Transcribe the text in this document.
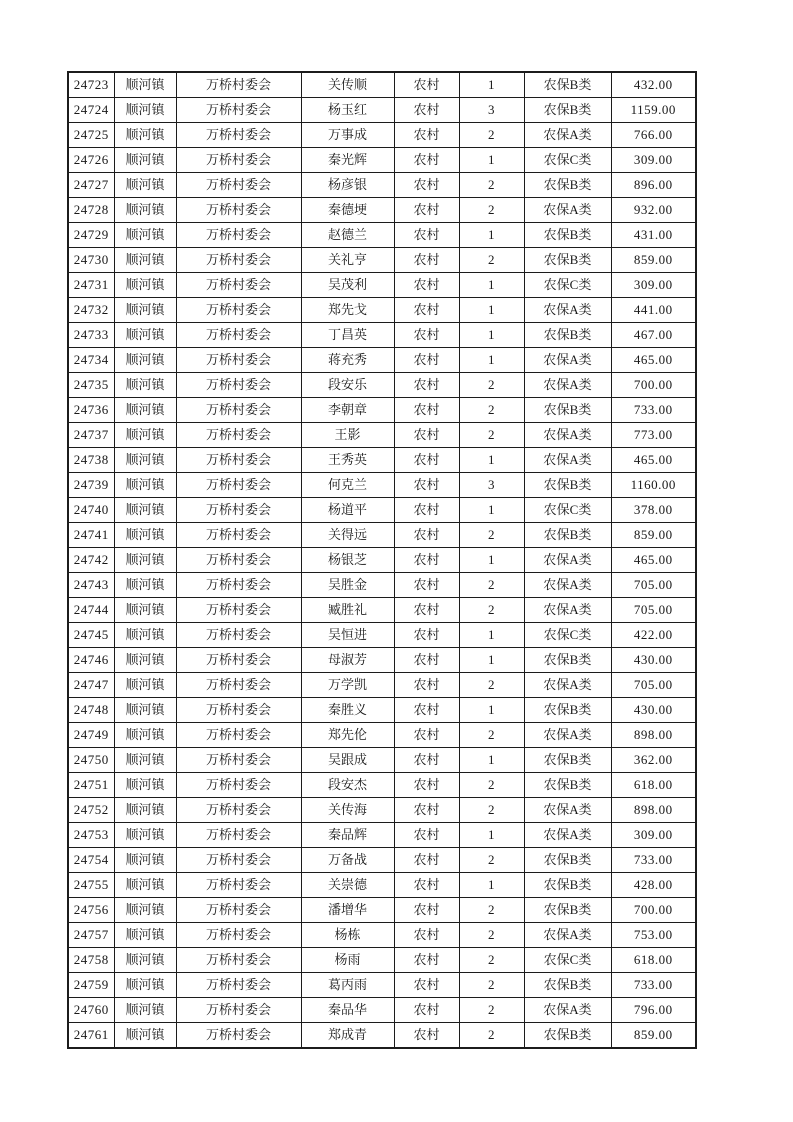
24723	顺河镇	万桥村委会	关传顺	农村	1	农保B类	432.00
24724	顺河镇	万桥村委会	杨玉红	农村	3	农保B类	1159.00
24725	顺河镇	万桥村委会	万事成	农村	2	农保A类	766.00
24726	顺河镇	万桥村委会	秦光辉	农村	1	农保C类	309.00
24727	顺河镇	万桥村委会	杨彦银	农村	2	农保B类	896.00
24728	顺河镇	万桥村委会	秦德埂	农村	2	农保A类	932.00
24729	顺河镇	万桥村委会	赵德兰	农村	1	农保B类	431.00
24730	顺河镇	万桥村委会	关礼亨	农村	2	农保B类	859.00
24731	顺河镇	万桥村委会	吴茂利	农村	1	农保C类	309.00
24732	顺河镇	万桥村委会	郑先戈	农村	1	农保A类	441.00
24733	顺河镇	万桥村委会	丁昌英	农村	1	农保B类	467.00
24734	顺河镇	万桥村委会	蒋充秀	农村	1	农保A类	465.00
24735	顺河镇	万桥村委会	段安乐	农村	2	农保A类	700.00
24736	顺河镇	万桥村委会	李朝章	农村	2	农保B类	733.00
24737	顺河镇	万桥村委会	王影	农村	2	农保A类	773.00
24738	顺河镇	万桥村委会	王秀英	农村	1	农保A类	465.00
24739	顺河镇	万桥村委会	何克兰	农村	3	农保B类	1160.00
24740	顺河镇	万桥村委会	杨道平	农村	1	农保C类	378.00
24741	顺河镇	万桥村委会	关得远	农村	2	农保B类	859.00
24742	顺河镇	万桥村委会	杨银芝	农村	1	农保A类	465.00
24743	顺河镇	万桥村委会	吴胜金	农村	2	农保A类	705.00
24744	顺河镇	万桥村委会	臧胜礼	农村	2	农保A类	705.00
24745	顺河镇	万桥村委会	吴恒进	农村	1	农保C类	422.00
24746	顺河镇	万桥村委会	母淑芳	农村	1	农保B类	430.00
24747	顺河镇	万桥村委会	万学凯	农村	2	农保A类	705.00
24748	顺河镇	万桥村委会	秦胜义	农村	1	农保B类	430.00
24749	顺河镇	万桥村委会	郑先伦	农村	2	农保A类	898.00
24750	顺河镇	万桥村委会	吴跟成	农村	1	农保B类	362.00
24751	顺河镇	万桥村委会	段安杰	农村	2	农保B类	618.00
24752	顺河镇	万桥村委会	关传海	农村	2	农保A类	898.00
24753	顺河镇	万桥村委会	秦品辉	农村	1	农保A类	309.00
24754	顺河镇	万桥村委会	万备战	农村	2	农保B类	733.00
24755	顺河镇	万桥村委会	关崇德	农村	1	农保B类	428.00
24756	顺河镇	万桥村委会	潘增华	农村	2	农保B类	700.00
24757	顺河镇	万桥村委会	杨栋	农村	2	农保A类	753.00
24758	顺河镇	万桥村委会	杨雨	农村	2	农保C类	618.00
24759	顺河镇	万桥村委会	葛丙雨	农村	2	农保B类	733.00
24760	顺河镇	万桥村委会	秦品华	农村	2	农保A类	796.00
24761	顺河镇	万桥村委会	郑成青	农村	2	农保B类	859.00
